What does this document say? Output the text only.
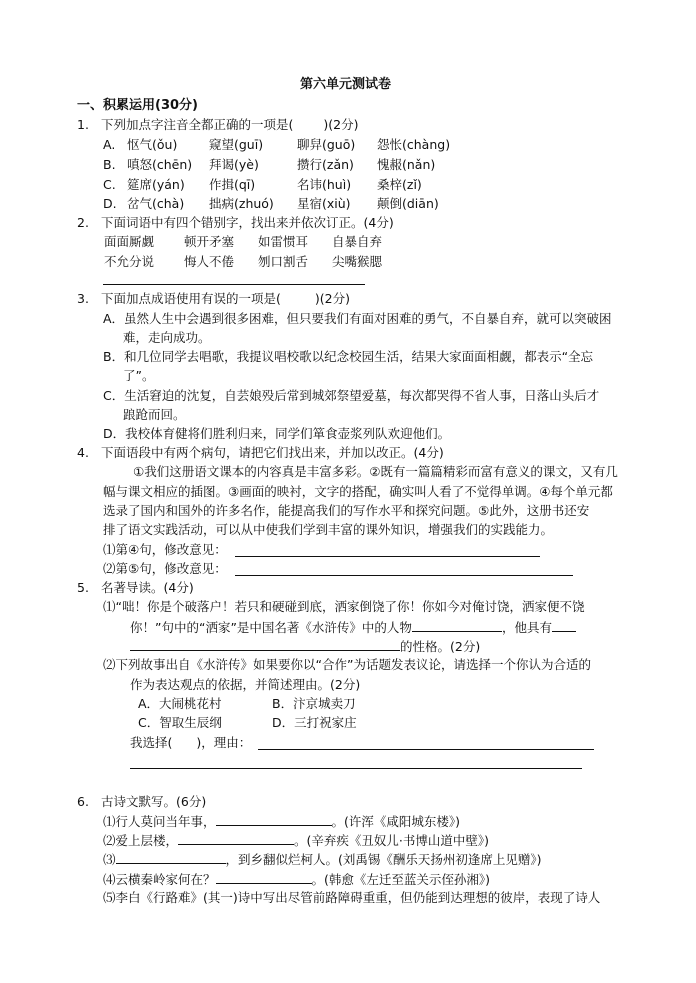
第六单元测试卷
一、积累运用(30分)
1. 下列加点字注音全都正确的一项是( )(2分)
A. 怄气(ǒu)	窥望(guī)	聊舁(guō) 怨怅(chàng)
B. 嗔怒(chēn) 拜谒(yè)	攒行(zǎn) 愧赧(nǎn)
C. 筵席(yán) 作揖(qī)	名讳(huì) 桑梓(zǐ)
D. 岔气(chà) 拙病(zhuó) 星宿(xiù) 颠倒(diān)
2. 下面词语中有四个错别字，找出来并依次订正。(4分)
面面厮觑 顿开矛塞 如雷惯耳 自暴自弃
不允分说 悔人不倦 刎口割舌 尖嘴猴腮
3. 下面加点成语使用有误的一项是(	)(2分)
A．虽然人生中会遇到很多困难，但只要我们有面对困难的勇气，不自暴自弃，就可以突破困
难，走向成功。
B．和几位同学去唱歌，我提议唱校歌以纪念校园生活，结果大家面面相觑，都表示“全忘
了”。
C．生活窘迫的沈复，自芸娘殁后常到城郊祭望爱墓，每次都哭得不省人事，日落山头后才
踉跄而回。
D．我校体育健将们胜利归来，同学们箪食壶浆列队欢迎他们。
4. 下面语段中有两个病句，请把它们找出来，并加以改正。(4分)
①我们这册语文课本的内容真是丰富多彩。②既有一篇篇精彩而富有意义的课文，又有几
幅与课文相应的插图。③画面的映衬，文字的搭配，确实叫人看了不觉得单调。④每个单元都
选录了国内和国外的许多名作，能提高我们的写作水平和探究问题。⑤此外，这册书还安
排了语文实践活动，可以从中使我们学到丰富的课外知识，增强我们的实践能力。
⑴第④句，修改意见：
⑵第⑤句，修改意见：
5. 名著导读。(4分)
⑴“咄！你是个破落户！若只和硬碰到底，洒家倒饶了你！你如今对俺讨饶，洒家便不饶
你！”句中的“洒家”是中国名著《水浒传》中的人物	，他具有
的性格。(2分)
⑵下列故事出自《水浒传》如果要你以“合作”为话题发表议论，请选择一个你认为合适的
作为表达观点的依据，并简述理由。(2分)
A．大闹桃花村	B．汴京城卖刀
C．智取生辰纲	D．三打祝家庄
我选择( )，理由：
6. 古诗文默写。(6分)
⑴行人莫问当年事，	。(许浑《咸阳城东楼》)
⑵爱上层楼，	。(辛弃疾《丑奴儿·书博山道中壁》)
⑶	，到乡翻似烂柯人。(刘禹锡《酬乐天扬州初逢席上见赠》)
⑷云横秦岭家何在？	。(韩愈《左迁至蓝关示侄孙湘》)
⑸李白《行路难》(其一)诗中写出尽管前路障碍重重，但仍能到达理想的彼岸，表现了诗人
